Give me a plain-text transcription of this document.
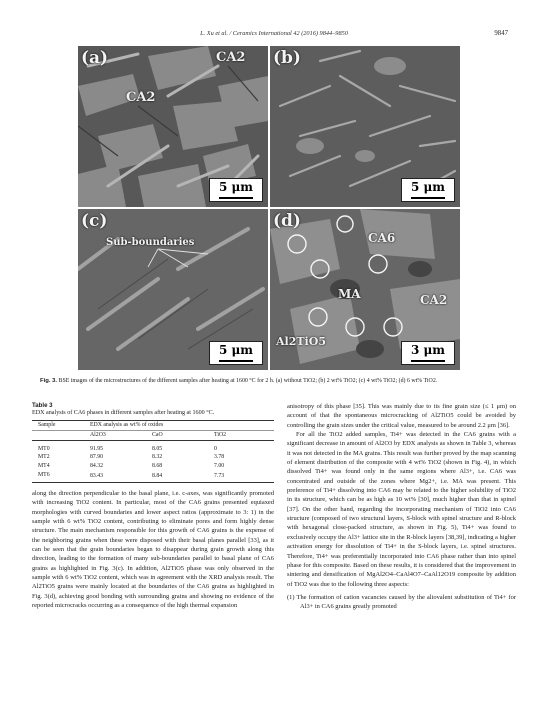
L. Xu et al. / Ceramics International 42 (2016) 9844–9850	9847
(a)	CA2
CA2
5 μm
(b)
5 μm
(c)
Sub-boundaries
5 μm
(d)
CA6
MA
Al2TiO5
CA2
3 μm
Fig. 3. BSE images of the microstructures of the different samples after heating at 1600 °C for 2 h. (a) without TiO2; (b) 2 wt% TiO2; (c) 4 wt% TiO2; (d) 6 wt% TiO2.
Table 3
EDX analysis of CA6 phases in different samples after heating at 1600 °C.
Sample	EDX analysis as wt% of oxides		
	Al2O3	CaO	TiO2
MT0	91.95	8.05	0
MT2	87.90	8.32	3.78
MT4	84.32	8.68	7.00
MT6	83.43	8.84	7.73

along the direction perpendicular to the basal plane, i.e. c-axes, was significantly promoted with increasing TiO2 content. In particular, most of the CA6 grains presented equiaxed morphologies with curved boundaries and lower aspect ratios (approximate to 3: 1) in the sample with 6 wt% TiO2 content, contributing to eliminate pores and form highly dense structure. The main mechanism responsible for this growth of CA6 grains is the expense of the neighboring grains when these were disposed with their basal planes parallel [33], as it can be seen that the grain boundaries began to disappear during grain growth along this direction, leading to the formation of many sub-boundaries parallel to basal plane of CA6 grains as highlighted in Fig. 3(c). In addition, Al2TiO5 phase was only observed in the sample with 6 wt% TiO2 content, which was in agreement with the XRD analysis result. The Al2TiO5 grains were mainly located at the boundaries of the CA6 grains as highlighted in Fig. 3(d), achieving good bonding with surrounding grains and showing no evidence of the reported microcracks occurring as a consequence of the high thermal expansion

anisotropy of this phase [35]. This was mainly due to its fine grain size (≤ 1 μm) on account of that the spontaneous microcracking of Al2TiO5 could be avoided by controlling the grain sizes under the critical value, measured to be around 2.2 μm [36].

For all the TiO2 added samples, Ti4+ was detected in the CA6 grains with a significant decrease in amount of Al2O3 by EDX analysis as shown in Table 3, whereas it was not detected in the MA grains. This result was further proved by the map scanning of element distribution of the composite with 4 wt% TiO2 (shown in Fig. 4), in which dissolved Ti4+ was found only in the same regions where Al3+, i.e. CA6 was concentrated and outside of the zones where Mg2+, i.e. MA was present. This preference of Ti4+ dissolving into CA6 may be related to the higher solubility of TiO2 in its structure, which can be as high as 10 wt% [30], much higher than that in spinel [37]. On the other hand, regarding the incorporating mechanism of TiO2 into CA6 structure (composed of two structural layers, S-block with spinel structure and R-block with hexagonal close-packed structure, as shown in Fig. 5), Ti4+ was found to exclusively occupy the Al3+ lattice site in the R-block layers [38,39], indicating a higher activation energy for dissolution of Ti4+ in the S-block layers, i.e. spinel structures. Therefore, Ti4+ was preferentially incorporated into CA6 phase rather than into spinel phase for this composite. Based on these results, it is considered that the improvement in sintering and densification of MgAl2O4–CaAl4O7–CaAl12O19 composite by addition of TiO2 was due to the following three aspects:

(1) The formation of cation vacancies caused by the aliovalent substitution of Ti4+ for Al3+ in CA6 grains greatly promoted
